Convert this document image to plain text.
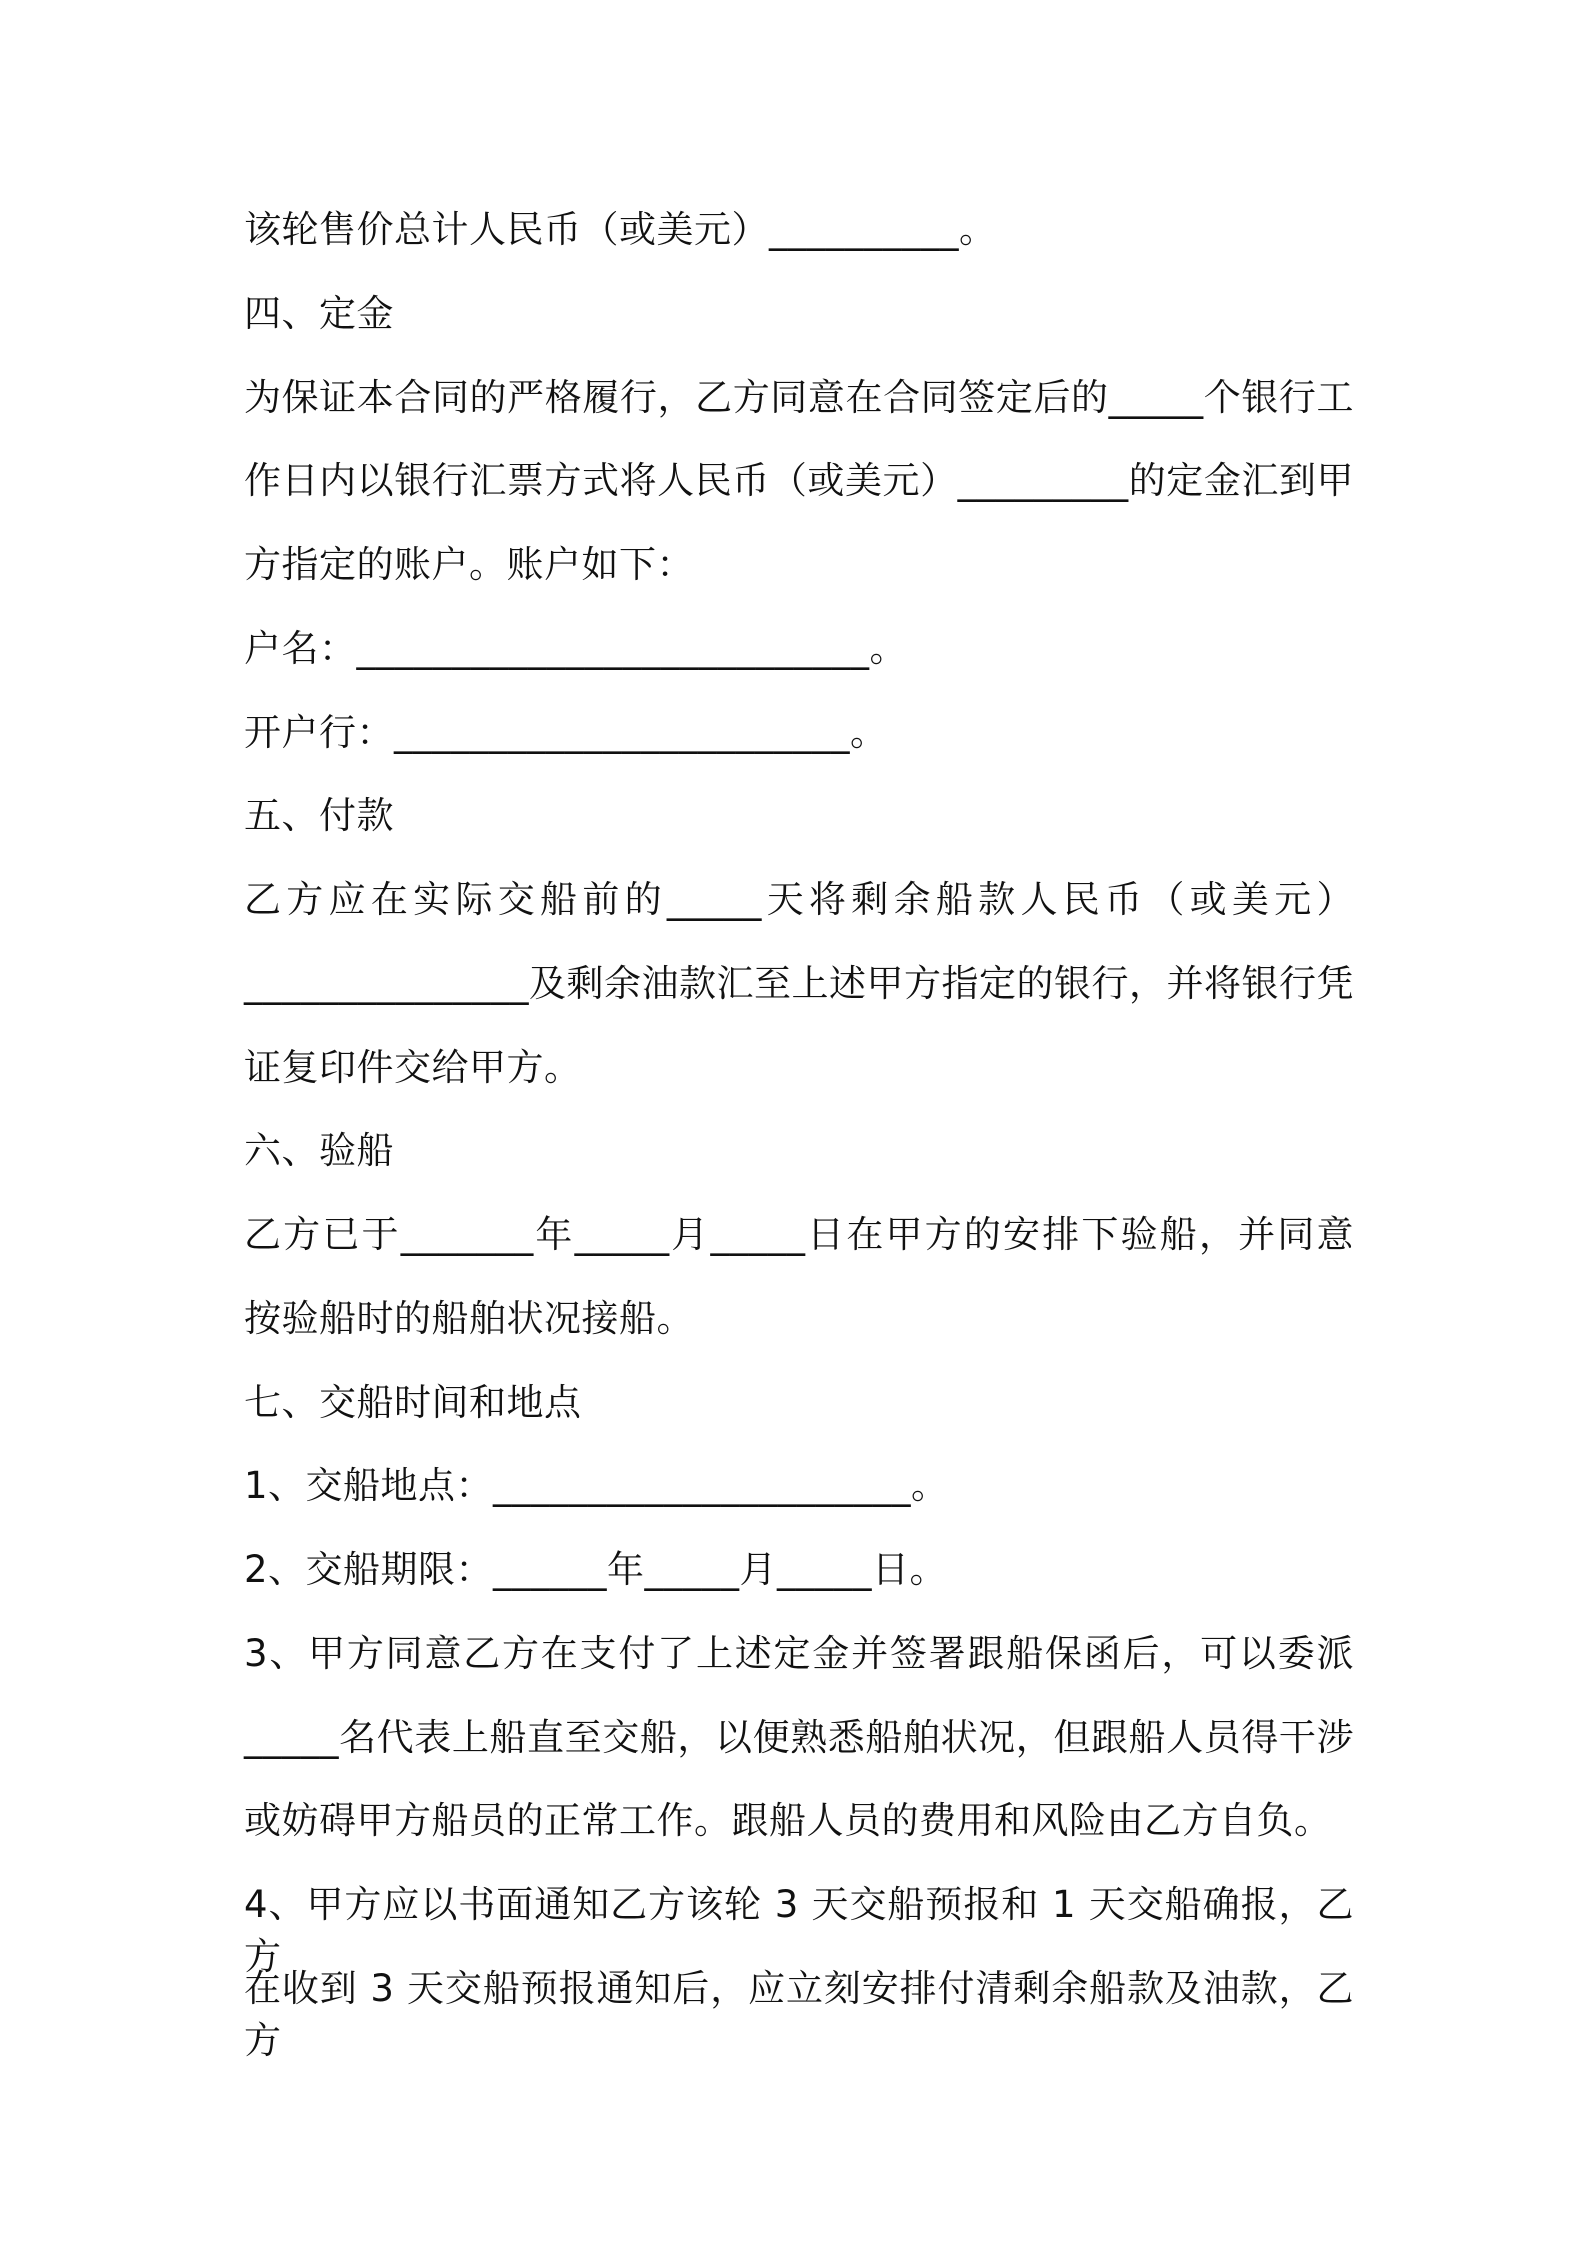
该轮售价总计人民币（或美元）__________。
四、定金
为保证本合同的严格履行，乙方同意在合同签定后的_____个银行工
作日内以银行汇票方式将人民币（或美元）_________的定金汇到甲
方指定的账户。账户如下：
户名：___________________________。
开户行：________________________。
五、付款
乙方应在实际交船前的_____天将剩余船款人民币（或美元）
_______________及剩余油款汇至上述甲方指定的银行，并将银行凭
证复印件交给甲方。
六、验船
乙方已于_______年_____月_____日在甲方的安排下验船，并同意
按验船时的船舶状况接船。
七、交船时间和地点
1、交船地点：______________________。
2、交船期限：______年_____月_____日。
3、甲方同意乙方在支付了上述定金并签署跟船保函后，可以委派
_____名代表上船直至交船，以便熟悉船舶状况，但跟船人员得干涉
或妨碍甲方船员的正常工作。跟船人员的费用和风险由乙方自负。
4、甲方应以书面通知乙方该轮 3 天交船预报和 1 天交船确报，乙方
在收到 3 天交船预报通知后，应立刻安排付清剩余船款及油款，乙方
